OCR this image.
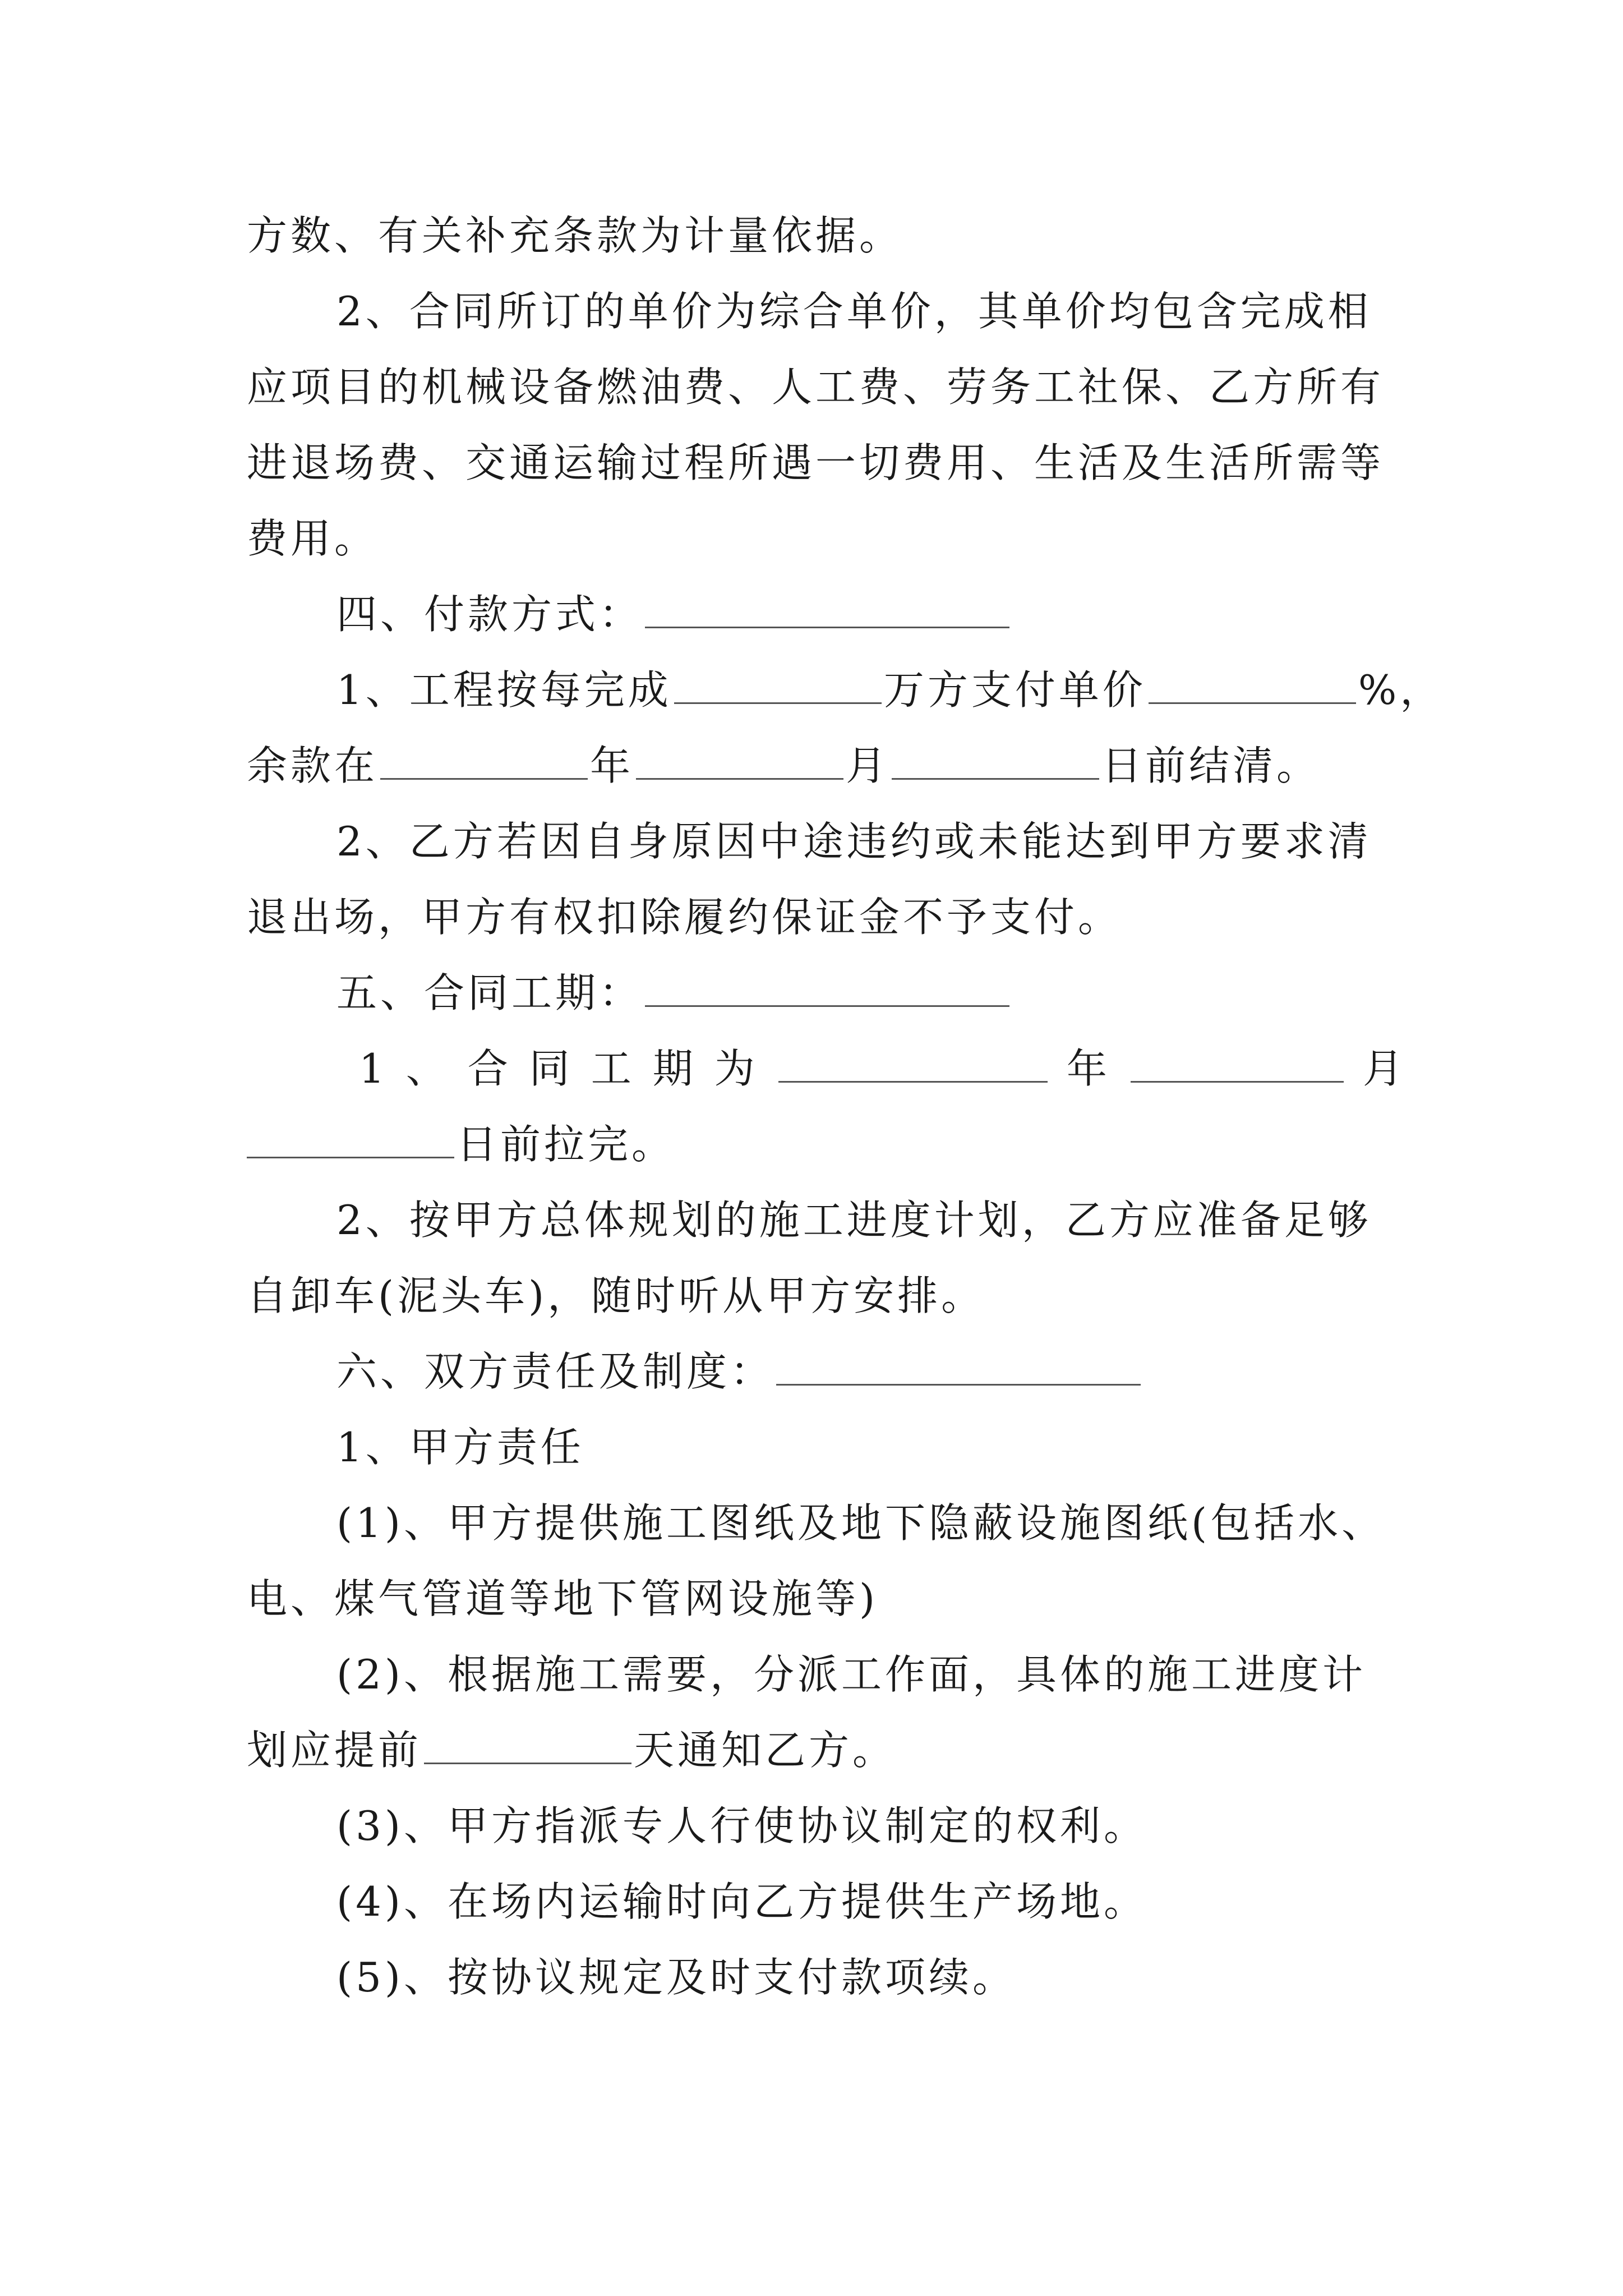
方数、有关补充条款为计量依据。
2、合同所订的单价为综合单价，其单价均包含完成相
应项目的机械设备燃油费、人工费、劳务工社保、乙方所有
进退场费、交通运输过程所遇一切费用、生活及生活所需等
费用。
四、付款方式：
1、工程按每完成	万方支付单价	%，
余款在	年	月	日前结清。
2、乙方若因自身原因中途违约或未能达到甲方要求清
退出场，甲方有权扣除履约保证金不予支付。
五、合同工期：
1、合同工期为	年	月
日前拉完。
2、按甲方总体规划的施工进度计划，乙方应准备足够
自卸车(泥头车)，随时听从甲方安排。
六、双方责任及制度：
1、甲方责任
(1)、甲方提供施工图纸及地下隐蔽设施图纸(包括水、
电、煤气管道等地下管网设施等)
(2)、根据施工需要，分派工作面，具体的施工进度计
划应提前	天通知乙方。
(3)、甲方指派专人行使协议制定的权利。
(4)、在场内运输时向乙方提供生产场地。
(5)、按协议规定及时支付款项续。
